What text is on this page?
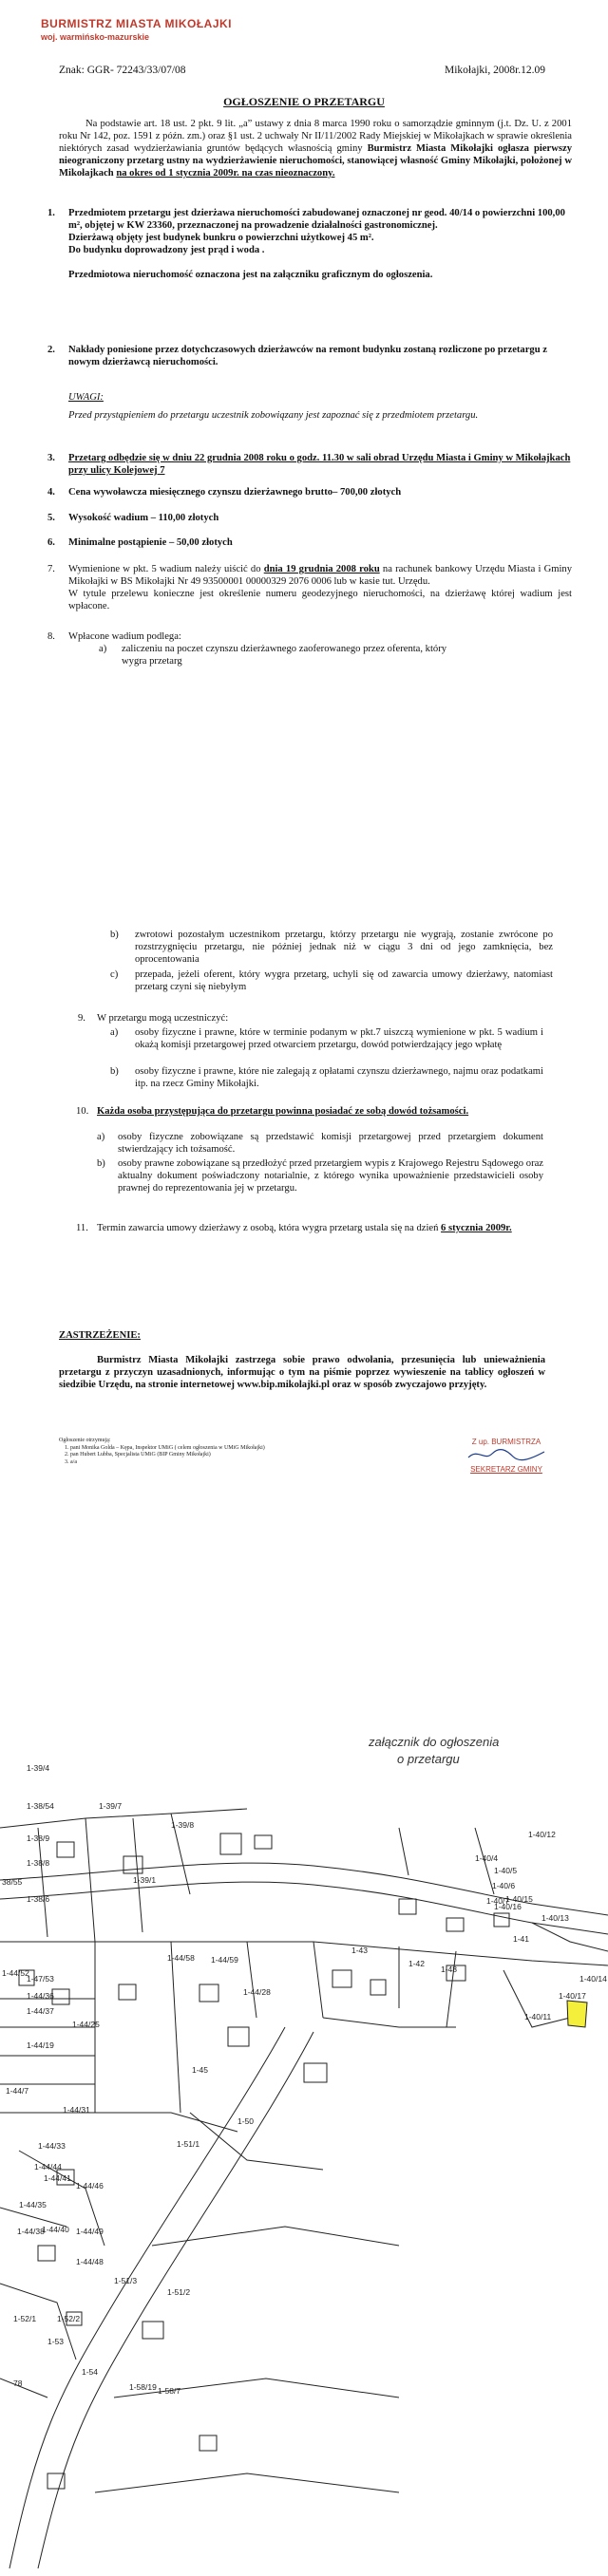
BURMISTRZ MIASTA MIKOŁAJKI
woj. warmińsko-mazurskie
Znak: GGR- 72243/33/07/08	Mikołajki, 2008r.12.09
OGŁOSZENIE O PRZETARGU
Na podstawie art. 18 ust. 2 pkt. 9 lit. „a” ustawy z dnia 8 marca 1990 roku o samorządzie gminnym (j.t. Dz. U. z 2001 roku Nr 142, poz. 1591 z późn. zm.) oraz §1 ust. 2 uchwały Nr II/11/2002 Rady Miejskiej w Mikołajkach w sprawie określenia niektórych zasad wydzierżawiania gruntów będących własnością gminy Burmistrz Miasta Mikołajki ogłasza pierwszy nieograniczony przetarg ustny na wydzierżawienie nieruchomości, stanowiącej własność Gminy Mikołajki, położonej w Mikołajkach na okres od 1 stycznia 2009r. na czas nieoznaczony.
1. Przedmiotem przetargu jest dzierżawa nieruchomości zabudowanej oznaczonej nr geod. 40/14 o powierzchni 100,00 m², objętej w KW 23360, przeznaczonej na prowadzenie działalności gastronomicznej.
Dzierżawą objęty jest budynek bunkru o powierzchni użytkowej 45 m².
Do budynku doprowadzony jest prąd i woda .
Przedmiotowa nieruchomość oznaczona jest na załączniku graficznym do ogłoszenia.
2. Nakłady poniesione przez dotychczasowych dzierżawców na remont budynku zostaną rozliczone po przetargu z nowym dzierżawcą nieruchomości.
UWAGI:
Przed przystąpieniem do przetargu uczestnik zobowiązany jest zapoznać się z przedmiotem przetargu.
3. Przetarg odbędzie się w dniu 22 grudnia 2008 roku o godz. 11.30 w sali obrad Urzędu Miasta i Gminy w Mikołajkach przy ulicy Kolejowej 7
4. Cena wywoławcza miesięcznego czynszu dzierżawnego brutto– 700,00 złotych
5. Wysokość wadium – 110,00 złotych
6. Minimalne postąpienie – 50,00 złotych
7. Wymienione w pkt. 5 wadium należy uiścić do dnia 19 grudnia 2008 roku na rachunek bankowy Urzędu Miasta i Gminy Mikołajki w BS Mikołajki Nr 49 93500001 00000329 2076 0006 lub w kasie tut. Urzędu.
W tytule przelewu konieczne jest określenie numeru geodezyjnego nieruchomości, na dzierżawę której wadium jest wpłacone.
8. Wpłacone wadium podlega:
a) zaliczeniu na poczet czynszu dzierżawnego zaoferowanego przez oferenta, który wygra przetarg
b) zwrotowi pozostałym uczestnikom przetargu, którzy przetargu nie wygrają, zostanie zwrócone po rozstrzygnięciu przetargu, nie później jednak niż w ciągu 3 dni od jego zamknięcia, bez oprocentowania
c) przepada, jeżeli oferent, który wygra przetarg, uchyli się od zawarcia umowy dzierżawy, natomiast przetarg czyni się niebyłym
9. W przetargu mogą uczestniczyć:
a) osoby fizyczne i prawne, które w terminie podanym w pkt.7 uiszczą wymienione w pkt. 5 wadium i okażą komisji przetargowej przed otwarciem przetargu, dowód potwierdzający jego wpłatę
b) osoby fizyczne i prawne, które nie zalegają z opłatami czynszu dzierżawnego, najmu oraz podatkami itp. na rzecz Gminy Mikołajki.
10. Każda osoba przystępująca do przetargu powinna posiadać ze sobą dowód tożsamości.
a) osoby fizyczne zobowiązane są przedstawić komisji przetargowej przed przetargiem dokument stwierdzający ich tożsamość.
b) osoby prawne zobowiązane są przedłożyć przed przetargiem wypis z Krajowego Rejestru Sądowego oraz aktualny dokument poświadczony notarialnie, z którego wynika upoważnienie przedstawicieli osoby prawnej do reprezentowania jej w przetargu.
11. Termin zawarcia umowy dzierżawy z osobą, która wygra przetarg ustala się na dzień 6 stycznia 2009r.
ZASTRZEŻENIE:
Burmistrz Miasta Mikołajki zastrzega sobie prawo odwołania, przesunięcia lub unieważnienia przetargu z przyczyn uzasadnionych, informując o tym na piśmie poprzez wywieszenie na tablicy ogłoszeń w siedzibie Urzędu, na stronie internetowej www.bip.mikolajki.pl oraz w sposób zwyczajowo przyjęty.
Ogłoszenie otrzymują:
1. pani Monika Golda – Kępa, Inspektor UMiG ( celem ogłoszenia w UMiG Mikołajki)
2. pan Hubert Lubba, Specjalista UMiG (BIP Gminy Mikołajki)
3. a/a
Z up. BURMISTRZA
SEKRETARZ GMINY
załącznik do ogłoszenia
o przetargu
1-39/4
1-39/7
1-38/54
1-39/8
1-38/9
1-38/8
38/55
1-38/6
1-39/1
1-40/12
1-40/5
1-40/4
1-40/6
1-40/15
1-40/7
1-40/16
1-40/13
1-41
1-42
1-43
1-44/58 1-44/59
1-44/28
1-48
1-40/17
1-40/14
1-40/11
1-44/52
1-47/53
1-44/36
1-44/37
1-44/25
1-44/19
1-44/7
1-44/31
1-44/33
1-44/44
1-44/41
1-44/46
1-44/35
1-45
1-50
1-51/1
1-44/38
1-44/40 1-44/49
1-44/48
1-51/3
1-51/2
1-52/1	1-52/2
1-53
1-54
1-58/19 1-58/7
78
